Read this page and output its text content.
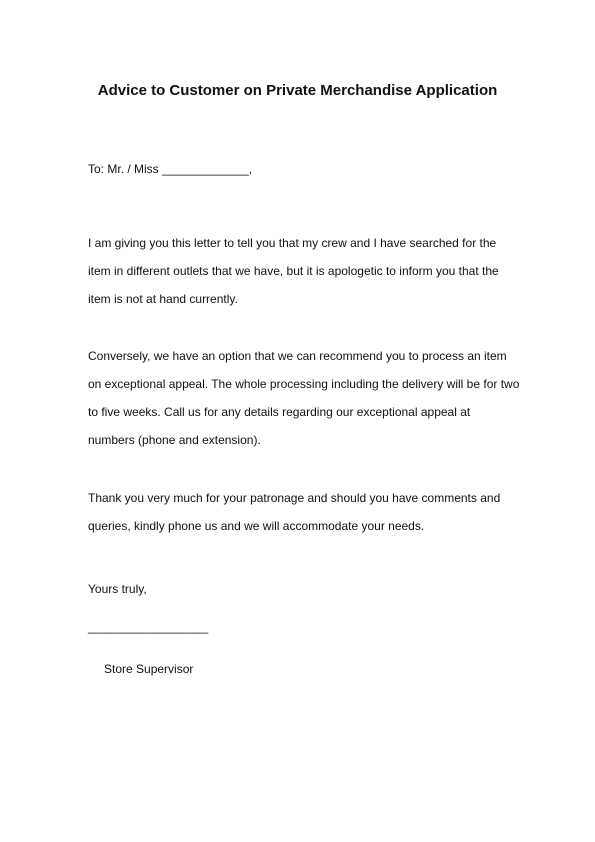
Advice to Customer on Private Merchandise Application
To: Mr. / Miss _____________,
I am giving you this letter to tell you that my crew and I have searched for the
item in different outlets that we have, but it is apologetic to inform you that the
item is not at hand currently.
Conversely, we have an option that we can recommend you to process an item
on exceptional appeal. The whole processing including the delivery will be for two
to five weeks. Call us for any details regarding our exceptional appeal at
numbers (phone and extension).
Thank you very much for your patronage and should you have comments and
queries, kindly phone us and we will accommodate your needs.
Yours truly,
__________________
Store Supervisor
